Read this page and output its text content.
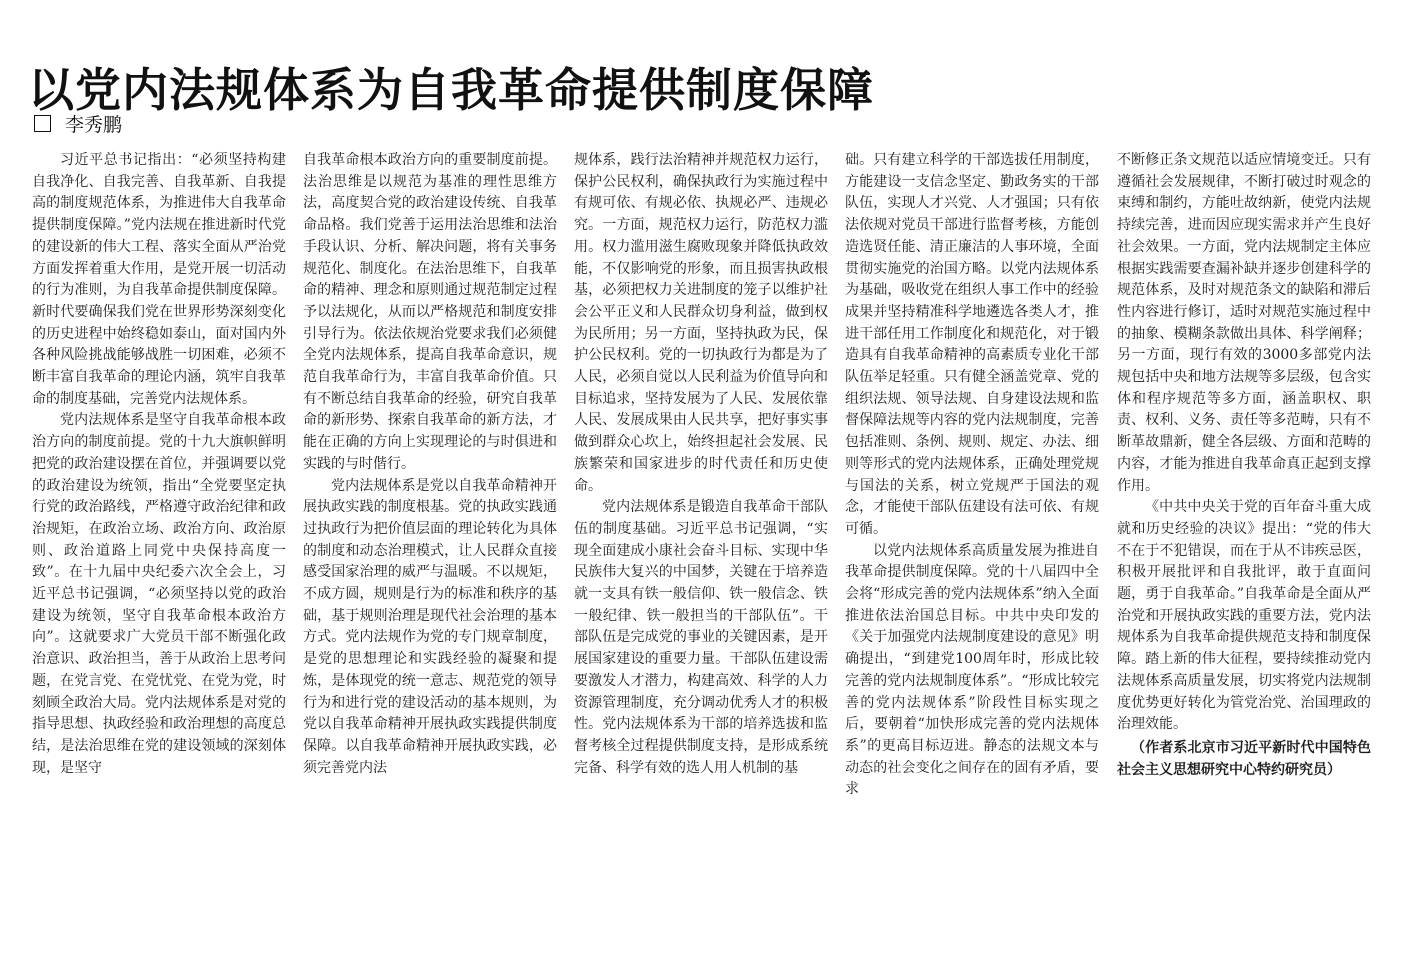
以党内法规体系为自我革命提供制度保障
李秀鹏

习近平总书记指出：“必须坚持构建自我净化、自我完善、自我革新、自我提高的制度规范体系，为推进伟大自我革命提供制度保障。”党内法规在推进新时代党的建设新的伟大工程、落实全面从严治党方面发挥着重大作用，是党开展一切活动的行为准则，为自我革命提供制度保障。新时代要确保我们党在世界形势深刻变化的历史进程中始终稳如泰山，面对国内外各种风险挑战能够战胜一切困难，必须不断丰富自我革命的理论内涵，筑牢自我革命的制度基础，完善党内法规体系。

党内法规体系是坚守自我革命根本政治方向的制度前提。党的十九大旗帜鲜明把党的政治建设摆在首位，并强调要以党的政治建设为统领，指出“全党要坚定执行党的政治路线，严格遵守政治纪律和政治规矩，在政治立场、政治方向、政治原则、政治道路上同党中央保持高度一致”。在十九届中央纪委六次全会上，习近平总书记强调，“必须坚持以党的政治建设为统领，坚守自我革命根本政治方向”。这就要求广大党员干部不断强化政治意识、政治担当，善于从政治上思考问题，在党言党、在党忧党、在党为党，时刻顾全政治大局。党内法规体系是对党的指导思想、执政经验和政治理想的高度总结，是法治思维在党的建设领域的深刻体现，是坚守

自我革命根本政治方向的重要制度前提。法治思维是以规范为基准的理性思维方法，高度契合党的政治建设传统、自我革命品格。我们党善于运用法治思维和法治手段认识、分析、解决问题，将有关事务规范化、制度化。在法治思维下，自我革命的精神、理念和原则通过规范制定过程予以法规化，从而以严格规范和制度安排引导行为。依法依规治党要求我们必须健全党内法规体系，提高自我革命意识，规范自我革命行为，丰富自我革命价值。只有不断总结自我革命的经验，研究自我革命的新形势、探索自我革命的新方法，才能在正确的方向上实现理论的与时俱进和实践的与时偕行。

党内法规体系是党以自我革命精神开展执政实践的制度根基。党的执政实践通过执政行为把价值层面的理论转化为具体的制度和动态治理模式，让人民群众直接感受国家治理的威严与温暖。不以规矩，不成方圆，规则是行为的标准和秩序的基础，基于规则治理是现代社会治理的基本方式。党内法规作为党的专门规章制度，是党的思想理论和实践经验的凝聚和提炼，是体现党的统一意志、规范党的领导行为和进行党的建设活动的基本规则，为党以自我革命精神开展执政实践提供制度保障。以自我革命精神开展执政实践，必须完善党内法

规体系，践行法治精神并规范权力运行，保护公民权利，确保执政行为实施过程中有规可依、有规必依、执规必严、违规必究。一方面，规范权力运行，防范权力滥用。权力滥用滋生腐败现象并降低执政效能，不仅影响党的形象，而且损害执政根基，必须把权力关进制度的笼子以维护社会公平正义和人民群众切身利益，做到权为民所用；另一方面，坚持执政为民，保护公民权利。党的一切执政行为都是为了人民，必须自觉以人民利益为价值导向和目标追求，坚持发展为了人民、发展依靠人民、发展成果由人民共享，把好事实事做到群众心坎上，始终担起社会发展、民族繁荣和国家进步的时代责任和历史使命。

党内法规体系是锻造自我革命干部队伍的制度基础。习近平总书记强调，“实现全面建成小康社会奋斗目标、实现中华民族伟大复兴的中国梦，关键在于培养造就一支具有铁一般信仰、铁一般信念、铁一般纪律、铁一般担当的干部队伍”。干部队伍是完成党的事业的关键因素，是开展国家建设的重要力量。干部队伍建设需要激发人才潜力，构建高效、科学的人力资源管理制度，充分调动优秀人才的积极性。党内法规体系为干部的培养选拔和监督考核全过程提供制度支持，是形成系统完备、科学有效的选人用人机制的基

础。只有建立科学的干部选拔任用制度，方能建设一支信念坚定、勤政务实的干部队伍，实现人才兴党、人才强国；只有依法依规对党员干部进行监督考核，方能创造选贤任能、清正廉洁的人事环境，全面贯彻实施党的治国方略。以党内法规体系为基础，吸收党在组织人事工作中的经验成果并坚持精准科学地遴选各类人才，推进干部任用工作制度化和规范化，对于锻造具有自我革命精神的高素质专业化干部队伍举足轻重。只有健全涵盖党章、党的组织法规、领导法规、自身建设法规和监督保障法规等内容的党内法规制度，完善包括准则、条例、规则、规定、办法、细则等形式的党内法规体系，正确处理党规与国法的关系，树立党规严于国法的观念，才能使干部队伍建设有法可依、有规可循。

以党内法规体系高质量发展为推进自我革命提供制度保障。党的十八届四中全会将“形成完善的党内法规体系”纳入全面推进依法治国总目标。中共中央印发的《关于加强党内法规制度建设的意见》明确提出，“到建党100周年时，形成比较完善的党内法规制度体系”。“形成比较完善的党内法规体系”阶段性目标实现之后，要朝着“加快形成完善的党内法规体系”的更高目标迈进。静态的法规文本与动态的社会变化之间存在的固有矛盾，要求

不断修正条文规范以适应情境变迁。只有遵循社会发展规律，不断打破过时观念的束缚和制约，方能吐故纳新，使党内法规持续完善，进而因应现实需求并产生良好社会效果。一方面，党内法规制定主体应根据实践需要查漏补缺并逐步创建科学的规范体系，及时对规范条文的缺陷和滞后性内容进行修订，适时对规范实施过程中的抽象、模糊条款做出具体、科学阐释；另一方面，现行有效的3000多部党内法规包括中央和地方法规等多层级，包含实体和程序规范等多方面，涵盖职权、职责、权利、义务、责任等多范畴，只有不断革故鼎新，健全各层级、方面和范畴的内容，才能为推进自我革命真正起到支撑作用。

《中共中央关于党的百年奋斗重大成就和历史经验的决议》提出：“党的伟大不在于不犯错误，而在于从不讳疾忌医，积极开展批评和自我批评，敢于直面问题，勇于自我革命。”自我革命是全面从严治党和开展执政实践的重要方法，党内法规体系为自我革命提供规范支持和制度保障。踏上新的伟大征程，要持续推动党内法规体系高质量发展，切实将党内法规制度优势更好转化为管党治党、治国理政的治理效能。

（作者系北京市习近平新时代中国特色社会主义思想研究中心特约研究员）
